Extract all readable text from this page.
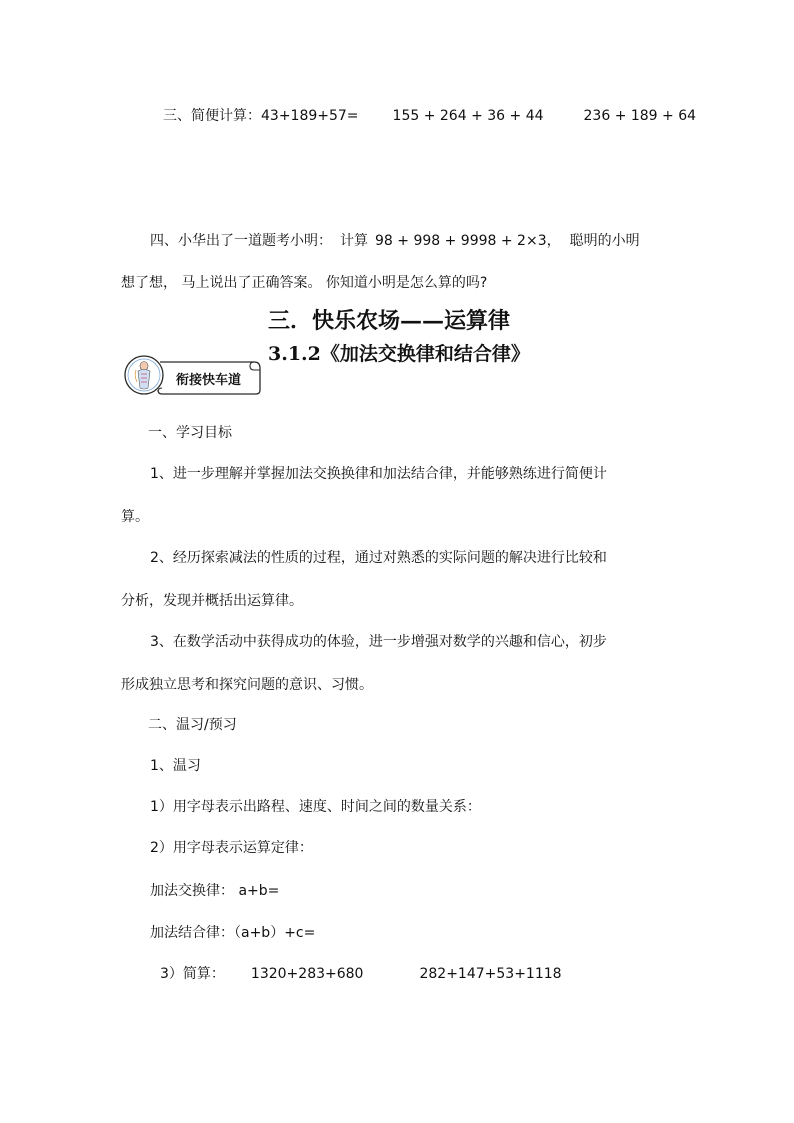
三、简便计算：43+189+57= 155 + 264 + 36 + 44	236 + 189 + 64
四、小华出了一道题考小明： 计算 98 + 998 + 9998 + 2×3， 聪明的小明
想了想， 马上说出了正确答案。 你知道小明是怎么算的吗?
三．快乐农场——运算律
3.1.2《加法交换律和结合律》
衔接快车道
一、学习目标
1、进一步理解并掌握加法交换换律和加法结合律，并能够熟练进行简便计
算。
2、经历探索减法的性质的过程，通过对熟悉的实际问题的解决进行比较和
分析，发现并概括出运算律。
3、在数学活动中获得成功的体验，进一步增强对数学的兴趣和信心，初步
形成独立思考和探究问题的意识、习惯。
二、温习/预习
1、温习
1）用字母表示出路程、速度、时间之间的数量关系：
2）用字母表示运算定律：
加法交换律： a+b=
加法结合律：（a+b）+c=
3）简算： 1320+283+680	282+147+53+1118
